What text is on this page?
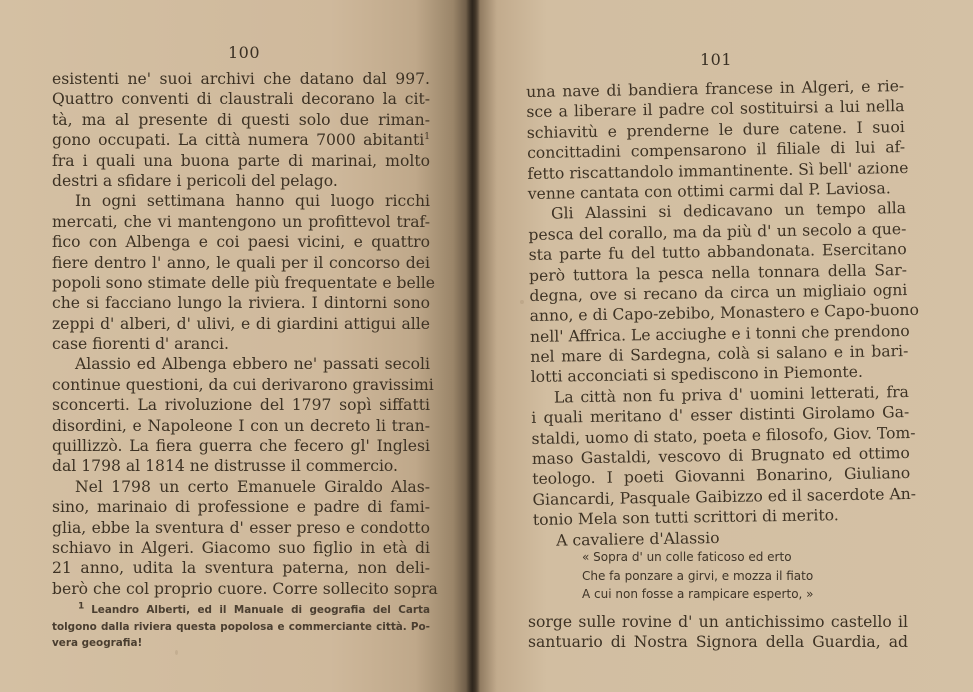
100	101
esistenti ne' suoi archivi che datano dal 997.
Quattro conventi di claustrali decorano la cit-
tà, ma al presente di questi solo due riman-
gono occupati. La città numera 7000 abitanti$^1$
fra i quali una buona parte di marinai, molto
destri a sfidare i pericoli del pelago.
In ogni settimana hanno qui luogo ricchi
mercati, che vi mantengono un profittevol traf-
fico con Albenga e coi paesi vicini, e quattro
fiere dentro l' anno, le quali per il concorso dei
popoli sono stimate delle più frequentate e belle
che si facciano lungo la riviera. I dintorni sono
zeppi d' alberi, d' ulivi, e di giardini attigui alle
case fiorenti d' aranci.
Alassio ed Albenga ebbero ne' passati secoli
continue questioni, da cui derivarono gravissimi
sconcerti. La rivoluzione del 1797 sopì siffatti
disordini, e Napoleone I con un decreto li tran-
quillizzò. La fiera guerra che fecero gl' Inglesi
dal 1798 al 1814 ne distrusse il commercio.
Nel 1798 un certo Emanuele Giraldo Alas-
sino, marinaio di professione e padre di fami-
glia, ebbe la sventura d' esser preso e condotto
schiavo in Algeri. Giacomo suo figlio in età di
21 anno, udita la sventura paterna, non deli-
berò che col proprio cuore. Corre sollecito sopra
$^1$ Leandro Alberti, ed il Manuale di geografia del Carta
tolgono dalla riviera questa popolosa e commerciante città. Po-
vera geografia!
una nave di bandiera francese in Algeri, e rie-
sce a liberare il padre col sostituirsi a lui nella
schiavitù e prenderne le dure catene. I suoi
concittadini compensarono il filiale di lui af-
fetto riscattandolo immantinente. Sì bell' azione
venne cantata con ottimi carmi dal P. Laviosa.
Gli Alassini si dedicavano un tempo alla
pesca del corallo, ma da più d' un secolo a que-
sta parte fu del tutto abbandonata. Esercitano
però tuttora la pesca nella tonnara della Sar-
degna, ove si recano da circa un migliaio ogni
anno, e di Capo-zebibo, Monastero e Capo-buono
nell' Affrica. Le acciughe e i tonni che prendono
nel mare di Sardegna, colà si salano e in bari-
lotti acconciati si spediscono in Piemonte.
La città non fu priva d' uomini letterati, fra
i quali meritano d' esser distinti Girolamo Ga-
staldi, uomo di stato, poeta e filosofo, Giov. Tom-
maso Gastaldi, vescovo di Brugnato ed ottimo
teologo. I poeti Giovanni Bonarino, Giuliano
Giancardi, Pasquale Gaibizzo ed il sacerdote An-
tonio Mela son tutti scrittori di merito.
A cavaliere d'Alassio
« Sopra d' un colle faticoso ed erto
Che fa ponzare a girvi, e mozza il fiato
A cui non fosse a rampicare esperto, »
sorge sulle rovine d' un antichissimo castello il
santuario di Nostra Signora della Guardia, ad
